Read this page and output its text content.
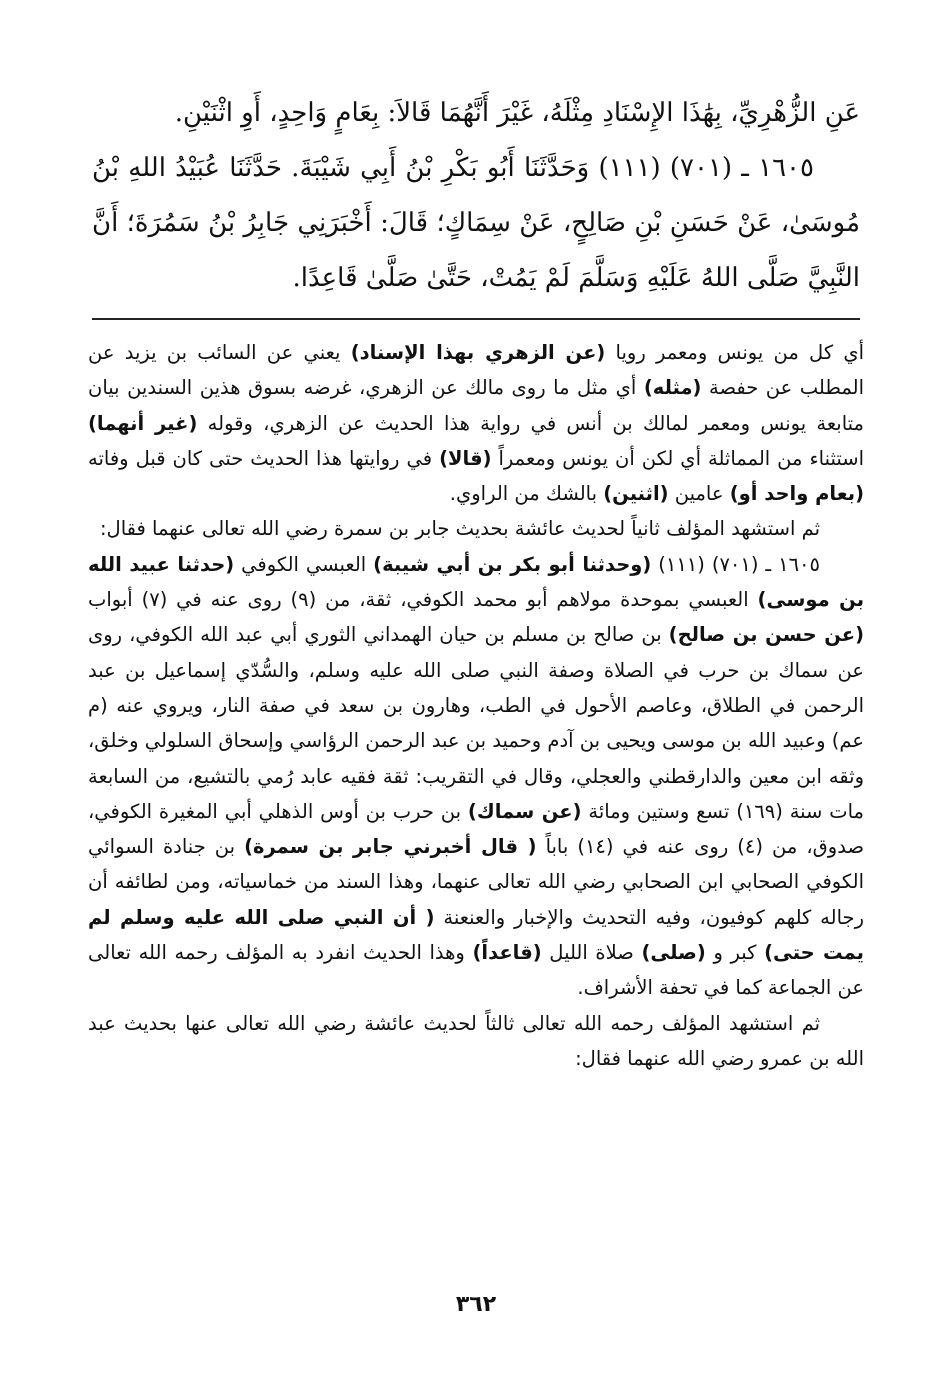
عَنِ الزُّهْرِيِّ، بِهَٰذَا الإِسْنَادِ مِثْلَهُ، غَيْرَ أَنَّهُمَا قَالاَ: بِعَامٍ وَاحِدٍ، أَوِ اثْنَيْنِ.

١٦٠٥ ـ (٧٠١) (١١١) وَحَدَّثَنَا أَبُو بَكْرِ بْنُ أَبِي شَيْبَةَ. حَدَّثَنَا عُبَيْدُ اللهِ بْنُ مُوسَىٰ، عَنْ حَسَنِ بْنِ صَالِحٍ، عَنْ سِمَاكٍ؛ قَالَ: أَخْبَرَنِي جَابِرُ بْنُ سَمُرَةَ؛ أَنَّ النَّبِيَّ صَلَّى اللهُ عَلَيْهِ وَسَلَّمَ لَمْ يَمُتْ، حَتَّىٰ صَلَّىٰ قَاعِدًا.

أي كل من يونس ومعمر رويا (عن الزهري بهذا الإسناد) يعني عن السائب بن يزيد عن المطلب عن حفصة (مثله) أي مثل ما روى مالك عن الزهري، غرضه بسوق هذين السندين بيان متابعة يونس ومعمر لمالك بن أنس في رواية هذا الحديث عن الزهري، وقوله (غير أنهما) استثناء من المماثلة أي لكن أن يونس ومعمراً (قالا) في روايتها هذا الحديث حتى كان قبل وفاته (بعام واحد أو) عامين (اثنين) بالشك من الراوي.

ثم استشهد المؤلف ثانياً لحديث عائشة بحديث جابر بن سمرة رضي الله تعالى عنهما فقال:

١٦٠٥ ـ (٧٠١) (١١١) (وحدثنا أبو بكر بن أبي شيبة) العبسي الكوفي (حدثنا عبيد الله بن موسى) العبسي بموحدة مولاهم أبو محمد الكوفي، ثقة، من (٩) روى عنه في (٧) أبواب (عن حسن بن صالح) بن صالح بن مسلم بن حيان الهمداني الثوري أبي عبد الله الكوفي، روى عن سماك بن حرب في الصلاة وصفة النبي صلى الله عليه وسلم، والسُّدّي إسماعيل بن عبد الرحمن في الطلاق، وعاصم الأحول في الطب، وهارون بن سعد في صفة النار، ويروي عنه (م عم) وعبيد الله بن موسى ويحيى بن آدم وحميد بن عبد الرحمن الرؤاسي وإسحاق السلولي وخلق، وثقه ابن معين والدارقطني والعجلي، وقال في التقريب: ثقة فقيه عابد رُمي بالتشيع، من السابعة مات سنة (١٦٩) تسع وستين ومائة (عن سماك) بن حرب بن أوس الذهلي أبي المغيرة الكوفي، صدوق، من (٤) روى عنه في (١٤) باباً ( قال أخبرني جابر بن سمرة) بن جنادة السوائي الكوفي الصحابي ابن الصحابي رضي الله تعالى عنهما، وهذا السند من خماسياته، ومن لطائفه أن رجاله كلهم كوفيون، وفيه التحديث والإخبار والعنعنة ( أن النبي صلى الله عليه وسلم لم يمت حتى) كبر و (صلى) صلاة الليل (قاعداً) وهذا الحديث انفرد به المؤلف رحمه الله تعالى عن الجماعة كما في تحفة الأشراف.

ثم استشهد المؤلف رحمه الله تعالى ثالثاً لحديث عائشة رضي الله تعالى عنها بحديث عبد الله بن عمرو رضي الله عنهما فقال:

٣٦٢
